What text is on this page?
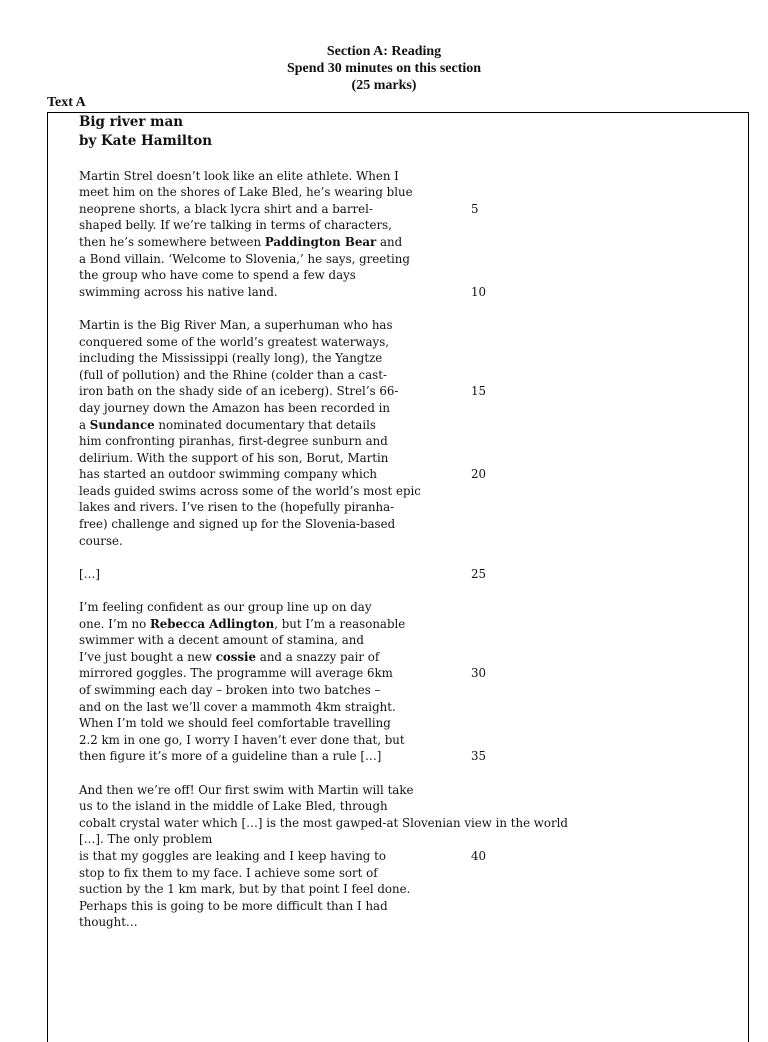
Section A: Reading
Spend 30 minutes on this section
(25 marks)
Text A
Big river man
by Kate Hamilton
Martin Strel doesn’t look like an elite athlete. When I
meet him on the shores of Lake Bled, he’s wearing blue
neoprene shorts, a black lycra shirt and a barrel-	5
shaped belly. If we’re talking in terms of characters,
then he’s somewhere between Paddington Bear and
a Bond villain. ‘Welcome to Slovenia,’ he says, greeting
the group who have come to spend a few days
swimming across his native land.	10
Martin is the Big River Man, a superhuman who has
conquered some of the world’s greatest waterways,
including the Mississippi (really long), the Yangtze
(full of pollution) and the Rhine (colder than a cast-
iron bath on the shady side of an iceberg). Strel’s 66-	15
day journey down the Amazon has been recorded in
a Sundance nominated documentary that details
him confronting piranhas, first-degree sunburn and
delirium. With the support of his son, Borut, Martin
has started an outdoor swimming company which	20
leads guided swims across some of the world’s most epic
lakes and rivers. I’ve risen to the (hopefully piranha-
free) challenge and signed up for the Slovenia-based
course.
[…]	25
I’m feeling confident as our group line up on day
one. I’m no Rebecca Adlington, but I’m a reasonable
swimmer with a decent amount of stamina, and
I’ve just bought a new cossie and a snazzy pair of
mirrored goggles. The programme will average 6km	30
of swimming each day – broken into two batches –
and on the last we’ll cover a mammoth 4km straight.
When I’m told we should feel comfortable travelling
2.2 km in one go, I worry I haven’t ever done that, but
then figure it’s more of a guideline than a rule […]	35
And then we’re off! Our first swim with Martin will take
us to the island in the middle of Lake Bled, through
cobalt crystal water which […] is the most gawped-at Slovenian view in the world
[…]. The only problem
is that my goggles are leaking and I keep having to	40
stop to fix them to my face. I achieve some sort of
suction by the 1 km mark, but by that point I feel done.
Perhaps this is going to be more difficult than I had
thought…
